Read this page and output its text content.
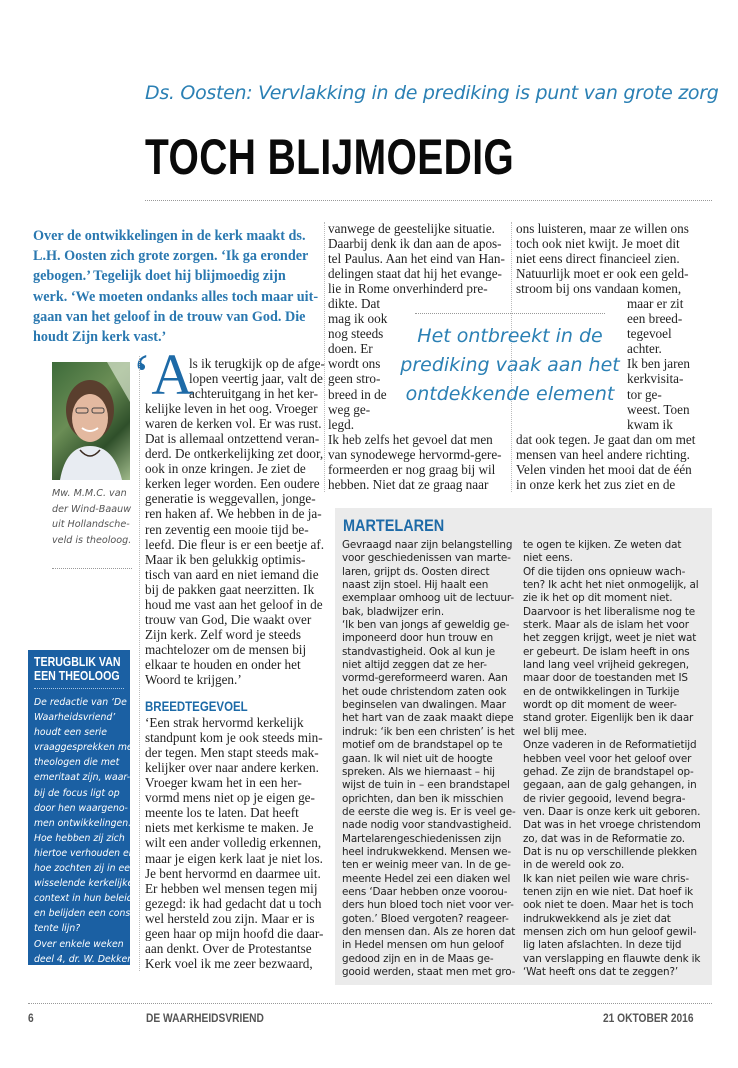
Ds. Oosten: Vervlakking in de prediking is punt van grote zorg
TOCH BLIJMOEDIG
Over de ontwikkelingen in de kerk maakt ds.
L.H. Oosten zich grote zorgen. ‘Ik ga eronder
gebogen.’ Tegelijk doet hij blijmoedig zijn
werk. ‘We moeten ondanks alles toch maar uit-
gaan van het geloof in de trouw van God. Die
houdt Zijn kerk vast.’
Mw. M.M.C. van
der Wind-Baauw
uit Hollandsche-
veld is theoloog.
TERUGBLIK VAN
EEN THEOLOOG
De redactie van ‘De
Waarheidsvriend’
houdt een serie
vraaggesprekken met
theologen die met
emeritaat zijn, waar-
bij de focus ligt op
door hen waargeno-
men ontwikkelingen.
Hoe hebben zij zich
hiertoe verhouden en
hoe zochten zij in een
wisselende kerkelijke
context in hun beleid
en belijden een consis-
tente lijn?
Over enkele weken
deel 4, dr. W. Dekker.
‘A
ls ik terugkijk op de afge-
lopen veertig jaar, valt de
achteruitgang in het ker-
kelijke leven in het oog. Vroeger
waren de kerken vol. Er was rust.
Dat is allemaal ontzettend veran-
derd. De ontkerkelijking zet door,
ook in onze kringen. Je ziet de
kerken leger worden. Een oudere
generatie is weggevallen, jonge-
ren haken af. We hebben in de ja-
ren zeventig een mooie tijd be-
leefd. Die fleur is er een beetje af.
Maar ik ben gelukkig optimis-
tisch van aard en niet iemand die
bij de pakken gaat neerzitten. Ik
houd me vast aan het geloof in de
trouw van God, Die waakt over
Zijn kerk. Zelf word je steeds
machtelozer om de mensen bij
elkaar te houden en onder het
Woord te krijgen.’
BREEDTEGEVOEL
‘Een strak hervormd kerkelijk
standpunt kom je ook steeds min-
der tegen. Men stapt steeds mak-
kelijker over naar andere kerken.
Vroeger kwam het in een her-
vormd mens niet op je eigen ge-
meente los te laten. Dat heeft
niets met kerkisme te maken. Je
wilt een ander volledig erkennen,
maar je eigen kerk laat je niet los.
Je bent hervormd en daarmee uit.
Er hebben wel mensen tegen mij
gezegd: ik had gedacht dat u toch
wel hersteld zou zijn. Maar er is
geen haar op mijn hoofd die daar-
aan denkt. Over de Protestantse
Kerk voel ik me zeer bezwaard,
vanwege de geestelijke situatie.
Daarbij denk ik dan aan de apos-
tel Paulus. Aan het eind van Han-
delingen staat dat hij het evange-
lie in Rome onverhinderd pre-
dikte. Dat
mag ik ook
nog steeds
doen. Er
wordt ons
geen stro-
breed in de
weg ge-
legd.
Ik heb zelfs het gevoel dat men
van synodewege hervormd-gere-
formeerden er nog graag bij wil
hebben. Niet dat ze graag naar
ons luisteren, maar ze willen ons
toch ook niet kwijt. Je moet dit
niet eens direct financieel zien.
Natuurlijk moet er ook een geld-
stroom bij ons vandaan komen,
maar er zit
een breed-
tegevoel
achter.
Ik ben jaren
kerkvisita-
tor ge-
weest. Toen
kwam ik
dat ook tegen. Je gaat dan om met
mensen van heel andere richting.
Velen vinden het mooi dat de één
in onze kerk het zus ziet en de
Het ontbreekt in de
prediking vaak aan het
ontdekkende element
MARTELAREN
Gevraagd naar zijn belangstelling
voor geschiedenissen van marte-
laren, grijpt ds. Oosten direct
naast zijn stoel. Hij haalt een
exemplaar omhoog uit de lectuur-
bak, bladwijzer erin.
‘Ik ben van jongs af geweldig ge-
imponeerd door hun trouw en
standvastigheid. Ook al kun je
niet altijd zeggen dat ze her-
vormd-gereformeerd waren. Aan
het oude christendom zaten ook
beginselen van dwalingen. Maar
het hart van de zaak maakt diepe
indruk: ‘ik ben een christen’ is het
motief om de brandstapel op te
gaan. Ik wil niet uit de hoogte
spreken. Als we hiernaast – hij
wijst de tuin in – een brandstapel
oprichten, dan ben ik misschien
de eerste die weg is. Er is veel ge-
nade nodig voor standvastigheid.
Martelarengeschiedenissen zijn
heel indrukwekkend. Mensen we-
ten er weinig meer van. In de ge-
meente Hedel zei een diaken wel
eens ‘Daar hebben onze voorou-
ders hun bloed toch niet voor ver-
goten.’ Bloed vergoten? reageer-
den mensen dan. Als ze horen dat
in Hedel mensen om hun geloof
gedood zijn en in de Maas ge-
gooid werden, staat men met gro-
te ogen te kijken. Ze weten dat
niet eens.
Of die tijden ons opnieuw wach-
ten? Ik acht het niet onmogelijk, al
zie ik het op dit moment niet.
Daarvoor is het liberalisme nog te
sterk. Maar als de islam het voor
het zeggen krijgt, weet je niet wat
er gebeurt. De islam heeft in ons
land lang veel vrijheid gekregen,
maar door de toestanden met IS
en de ontwikkelingen in Turkije
wordt op dit moment de weer-
stand groter. Eigenlijk ben ik daar
wel blij mee.
Onze vaderen in de Reformatietijd
hebben veel voor het geloof over
gehad. Ze zijn de brandstapel op-
gegaan, aan de galg gehangen, in
de rivier gegooid, levend begra-
ven. Daar is onze kerk uit geboren.
Dat was in het vroege christendom
zo, dat was in de Reformatie zo.
Dat is nu op verschillende plekken
in de wereld ook zo.
Ik kan niet peilen wie ware chris-
tenen zijn en wie niet. Dat hoef ik
ook niet te doen. Maar het is toch
indrukwekkend als je ziet dat
mensen zich om hun geloof gewil-
lig laten afslachten. In deze tijd
van verslapping en flauwte denk ik
‘Wat heeft ons dat te zeggen?’
6	DE WAARHEIDSVRIEND	21 OKTOBER 2016
